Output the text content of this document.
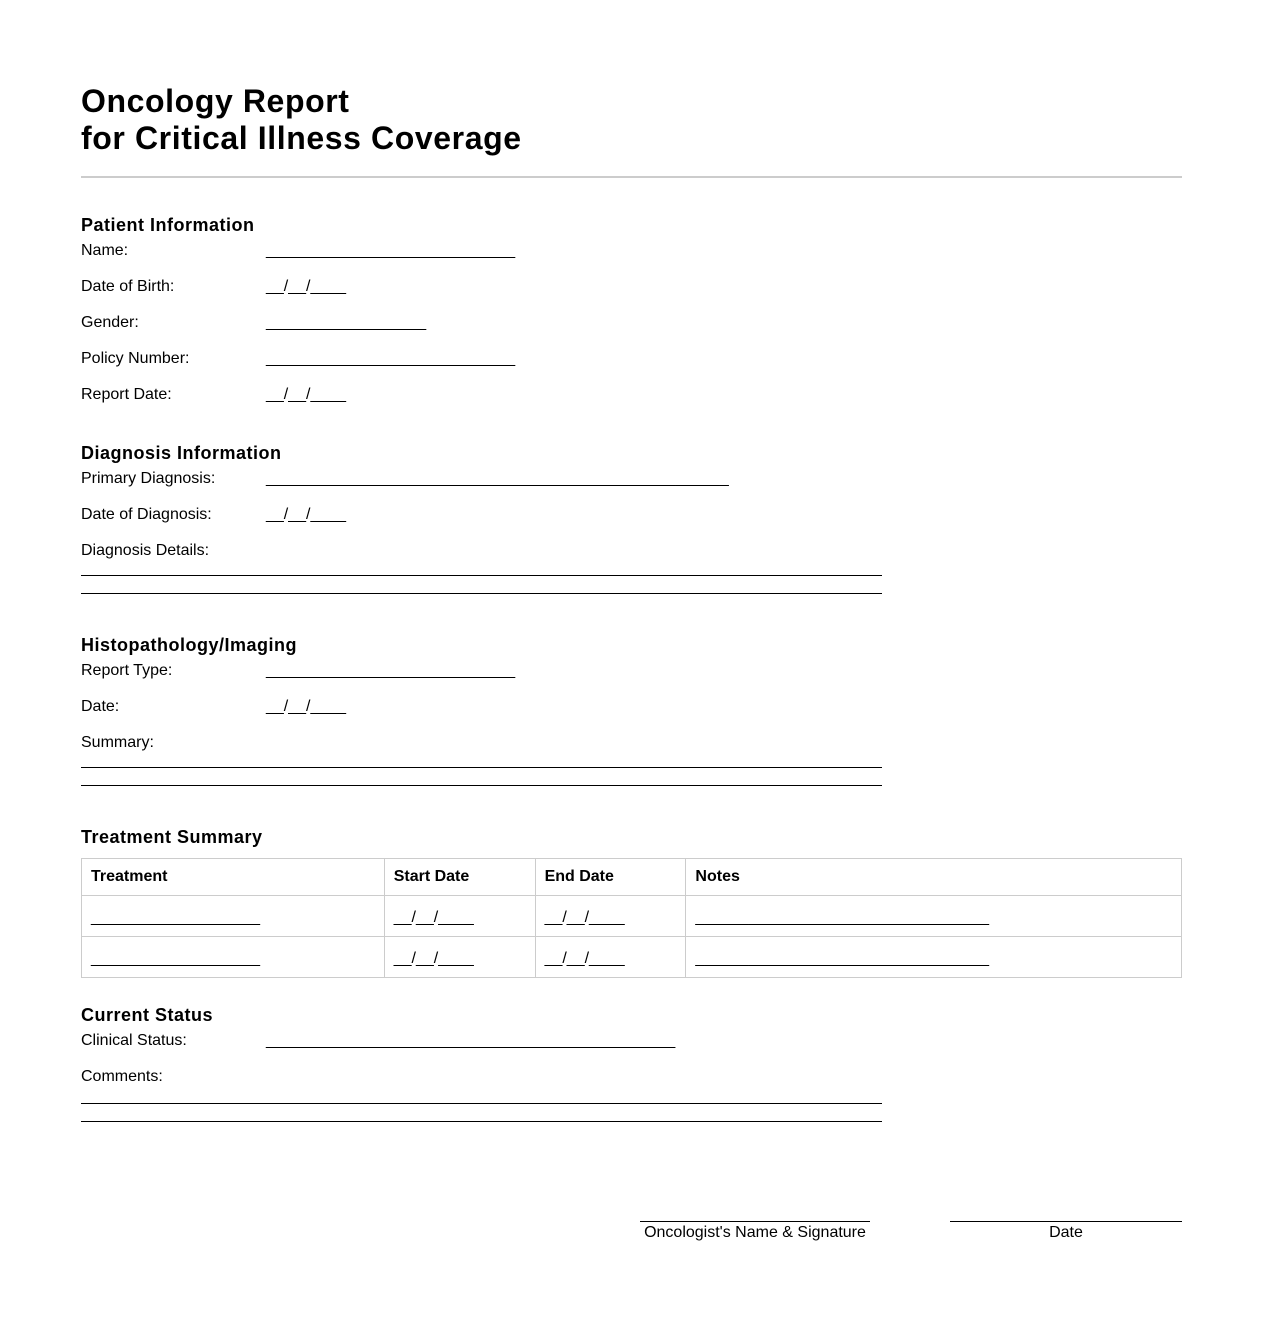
Oncology Report
for Critical Illness Coverage
Patient Information
Name:	____________________________
Date of Birth:	__/__/____
Gender:	__________________
Policy Number:	____________________________
Report Date:	__/__/____
Diagnosis Information
Primary Diagnosis:	____________________________________________________
Date of Diagnosis:	__/__/____
Diagnosis Details:
Histopathology/Imaging
Report Type:	____________________________
Date:	__/__/____
Summary:
Treatment Summary
Treatment	Start Date	End Date	Notes
___________________	__/__/____	__/__/____	_________________________________
___________________	__/__/____	__/__/____	_________________________________
Current Status
Clinical Status:	______________________________________________
Comments:
Oncologist's Name & Signature	Date
